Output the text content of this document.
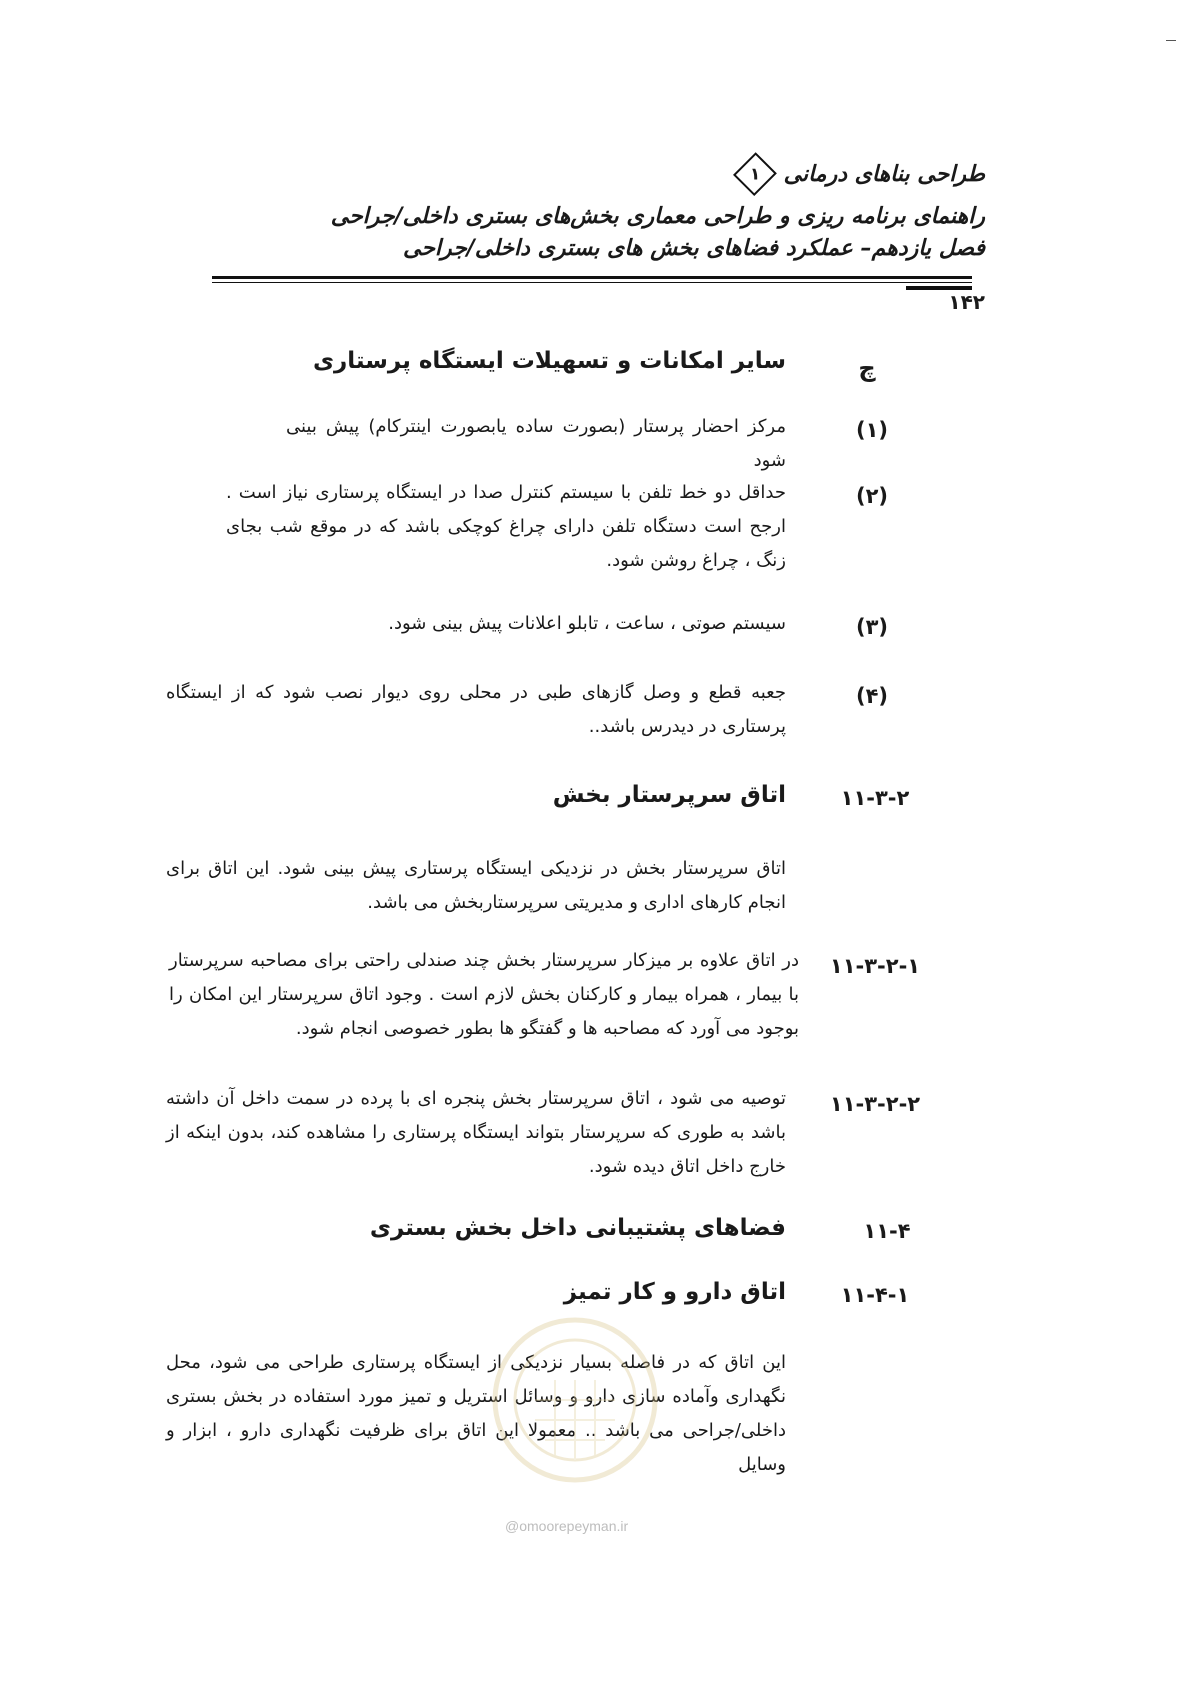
طراحی بناهای درمانی
۱
راهنمای برنامه ریزی و طراحی معماری بخش‌های بستری داخلی/جراحی
فصل یازدهم– عملکرد فضاهای بخش های بستری داخلی/جراحی
۱۴۲
چ
سایر امکانات و تسهیلات ایستگاه پرستاری
(۱)
مرکز احضار پرستار (بصورت ساده یابصورت اینترکام) پیش بینی شود
(۲)
حداقل دو خط تلفن با سیستم کنترل صدا در ایستگاه پرستاری نیاز است . ارجح است دستگاه تلفن دارای چراغ کوچکی باشد که در موقع شب بجای زنگ ، چراغ روشن شود.
(۳)
سیستم صوتی ، ساعت ، تابلو اعلانات پیش بینی شود.
(۴)
جعبه قطع و وصل گازهای طبی در محلی روی دیوار نصب شود که از ایستگاه پرستاری در دیدرس باشد..
۱۱-۳-۲
اتاق سرپرستار بخش
اتاق سرپرستار بخش در نزدیکی ایستگاه پرستاری پیش بینی شود. این اتاق برای انجام کارهای اداری و مدیریتی سرپرستاربخش می باشد.
۱۱-۳-۲-۱
در اتاق علاوه بر میزکار سرپرستار بخش چند صندلی راحتی برای مصاحبه سرپرستار با بیمار ، همراه بیمار و کارکنان بخش لازم است . وجود اتاق سرپرستار این امکان را بوجود می آورد که مصاحبه ها و گفتگو ها بطور خصوصی انجام شود.
۱۱-۳-۲-۲
توصیه می شود ، اتاق سرپرستار بخش پنجره ای با پرده در سمت داخل آن داشته باشد به طوری که سرپرستار بتواند ایستگاه پرستاری را مشاهده کند، بدون اینکه از خارج داخل اتاق دیده شود.
۱۱-۴
فضاهای پشتیبانی داخل بخش بستری
۱۱-۴-۱
اتاق دارو و کار تمیز
این اتاق که در فاصله بسیار نزدیکی از ایستگاه پرستاری طراحی می شود، محل نگهداری وآماده سازی دارو و وسائل استریل و تمیز مورد استفاده در بخش بستری داخلی/جراحی می باشد .. معمولا این اتاق برای ظرفیت نگهداری دارو ، ابزار و وسایل
@omoorepeyman.ir
